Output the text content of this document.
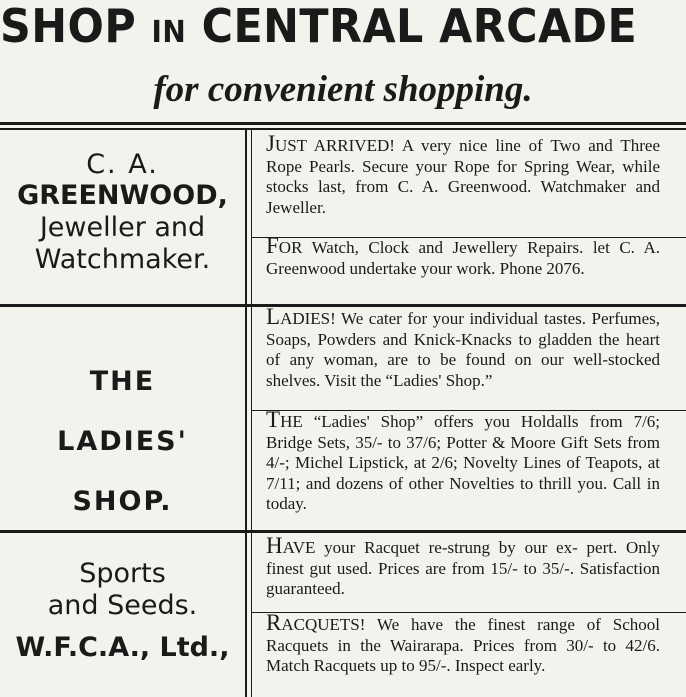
SHOP IN CENTRAL ARCADE
for convenient shopping.
C. A.
GREENWOOD,
Jeweller and
Watchmaker.

JUST ARRIVED! A very nice line of Two and Three Rope Pearls. Secure your Rope for Spring Wear, while stocks last, from C. A. Greenwood. Watchmaker and Jeweller.

FOR Watch, Clock and Jewellery Repairs. let C. A. Greenwood undertake your work. Phone 2076.

THE
LADIES'
SHOP.

LADIES! We cater for your individual tastes. Perfumes, Soaps, Powders and Knick-Knacks to gladden the heart of any woman, are to be found on our well-stocked shelves. Visit the “Ladies' Shop.”

THE “Ladies' Shop” offers you Holdalls from 7/6; Bridge Sets, 35/- to 37/6; Potter & Moore Gift Sets from 4/-; Michel Lipstick, at 2/6; Novelty Lines of Teapots, at 7/11; and dozens of other Novelties to thrill you. Call in today.

Sports
and Seeds.
W.F.C.A., Ltd.,

HAVE your Racquet re-strung by our ex- pert. Only finest gut used. Prices are from 15/- to 35/-. Satisfaction guaranteed.

RACQUETS! We have the finest range of School Racquets in the Wairarapa. Prices from 30/- to 42/6. Match Racquets up to 95/-. Inspect early.
